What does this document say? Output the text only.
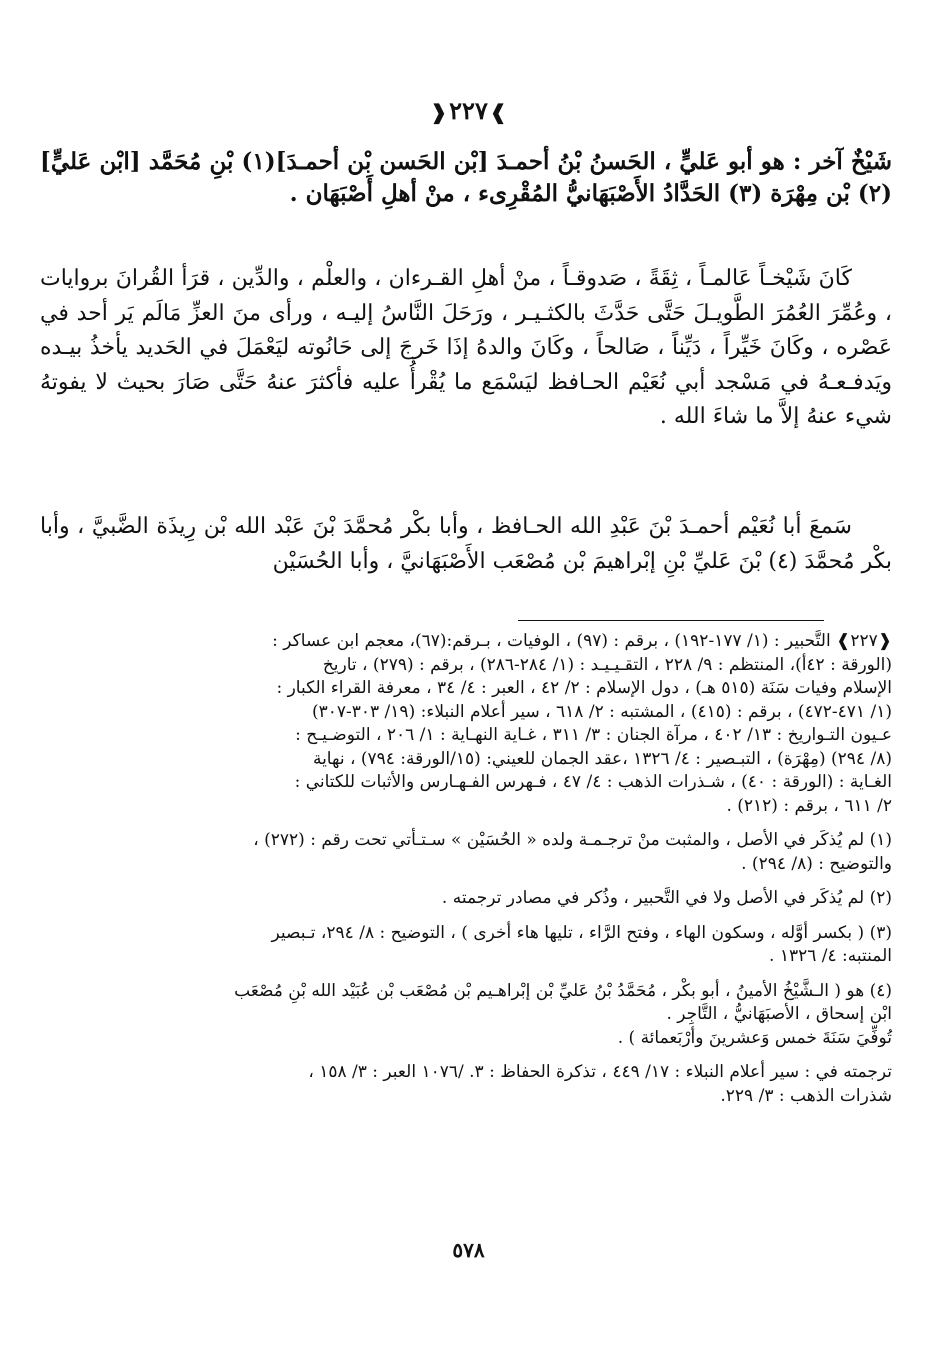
❱٢٢٧❰
شَيْخٌ آخر : هو أبو عَليٍّ ، الحَسنُ بْنُ أحمـدَ [بْن الحَسن بْن أحمـدَ](١) بْنِ مُحَمَّد [ابْن عَليٍّ](٢) بْن مِهْرَة (٣) الحَدَّادُ الأَصْبَهَانيُّ المُقْرِىء ، منْ أهلِ أَصْبَهَان .
كَانَ شَيْخـاً عَالمـاً ، ثِقَةً ، صَدوقـاً ، منْ أهلِ القـرءان ، والعلْم ، والدِّين ، قرَأ القُرانَ بروايات ، وعُمِّرَ العُمُرَ الطَّويـلَ حَتَّى حَدَّثَ بالكثـيـر ، ورَحَلَ النَّاسُ إليـه ، ورأى منَ العزِّ مَالَم يَر أحد في عَصْره ، وكَانَ خَيِّراً ، دَيِّناً ، صَالحاً ، وكَانَ والدهُ إذَا خَرجَ إلى حَانُوته ليَعْمَلَ في الحَديد يأخذُ بيـده ويَدفـعـهُ في مَسْجد أبي نُعَيْم الحـافظ ليَسْمَع ما يُقْرأُ عليه فأكثرَ عنهُ حَتَّى صَارَ بحيث لا يفوتهُ شيء عنهُ إلاَّ ما شاءَ الله .
سَمعَ أبا نُعَيْم أحمـدَ بْنَ عَبْدِ الله الحـافظ ، وأبا بكْر مُحمَّدَ بْنَ عَبْد الله بْن رِيذَة الضَّبيَّ ، وأبا بكْر مُحمَّدَ (٤) بْنَ عَليِّ بْنِ إبْراهيمَ بْن مُصْعَب الأَصْبَهَانيَّ ، وأبا الحُسَيْن
❰٢٢٧❱ التَّحبير : (١/ ١٧٧-١٩٢) ، برقم : (٩٧) ، الوفيات ، بـرقم:(٦٧)، معجم ابن عساكر :
(الورقة : ٤٢أ)، المنتظم : ٩/ ٢٢٨ ، التقـيـيـد : (١/ ٢٨٤-٢٨٦) ، برقم : (٢٧٩) ، تاريخ
الإسلام وفيات سَنَة (٥١٥ هـ) ، دول الإسلام : ٢/ ٤٢ ، العبر : ٤/ ٣٤ ، معرفة القراء الكبار :
(١/ ٤٧١-٤٧٢) ، برقم : (٤١٥) ، المشتبه : ٢/ ٦١٨ ، سير أعلام النبلاء: (١٩/ ٣٠٣-٣٠٧)
عـيون التـواريخ : ١٣/ ٤٠٢ ، مرآة الجنان : ٣/ ٣١١ ، غـاية النهـاية : ١/ ٢٠٦ ، التوضـيـح :
(٨/ ٢٩٤) (مِهْرَة) ، التبـصير : ٤/ ١٣٢٦ ،عقد الجمان للعيني: (١٥/الورقة: ٧٩٤) ، نهاية
الغـاية : (الورقة : ٤٠) ، شـذرات الذهب : ٤/ ٤٧ ، فـهرس الفـهـارس والأثبات للكتاني :
٢/ ٦١١ ، برقم : (٢١٢) .
(١) لم يُذكَر في الأصل ، والمثبت منْ ترجـمـة ولده « الحُسَيْن » سـتـأتي تحت رقم : (٢٧٢) ،
والتوضيح : (٨/ ٢٩٤) .
(٢) لم يُذكَر في الأصل ولا في التَّحبير ، وذُكر في مصادر ترجمته .
(٣) ( بكسر أوَّله ، وسكون الهاء ، وفتح الرَّاء ، تليها هاء أخرى ) ، التوضيح : ٨/ ٢٩٤، تـبصير
المنتبه: ٤/ ١٣٢٦ .
(٤) هو ( الـشَّيْخُ الأمينُ ، أبو بكْر ، مُحَمَّدُ بْنُ عَليِّ بْن إبْراهـيم بْن مُصْعَب بْن عُبَيْد الله بْنِ مُصْعَب
ابْن إسحاق ، الأصبَهَانيُّ ، التَّاجِر .
تُوفِّيَ سَنَةَ خمس وَعشرينَ وأرْبَعمائة ) .
ترجمته في : سير أعلام النبلاء : ١٧/ ٤٤٩ ، تذكرة الحفاظ : ٣. /١٠٧٦ العبر : ٣/ ١٥٨ ،
شذرات الذهب : ٣/ ٢٢٩.
٥٧٨
